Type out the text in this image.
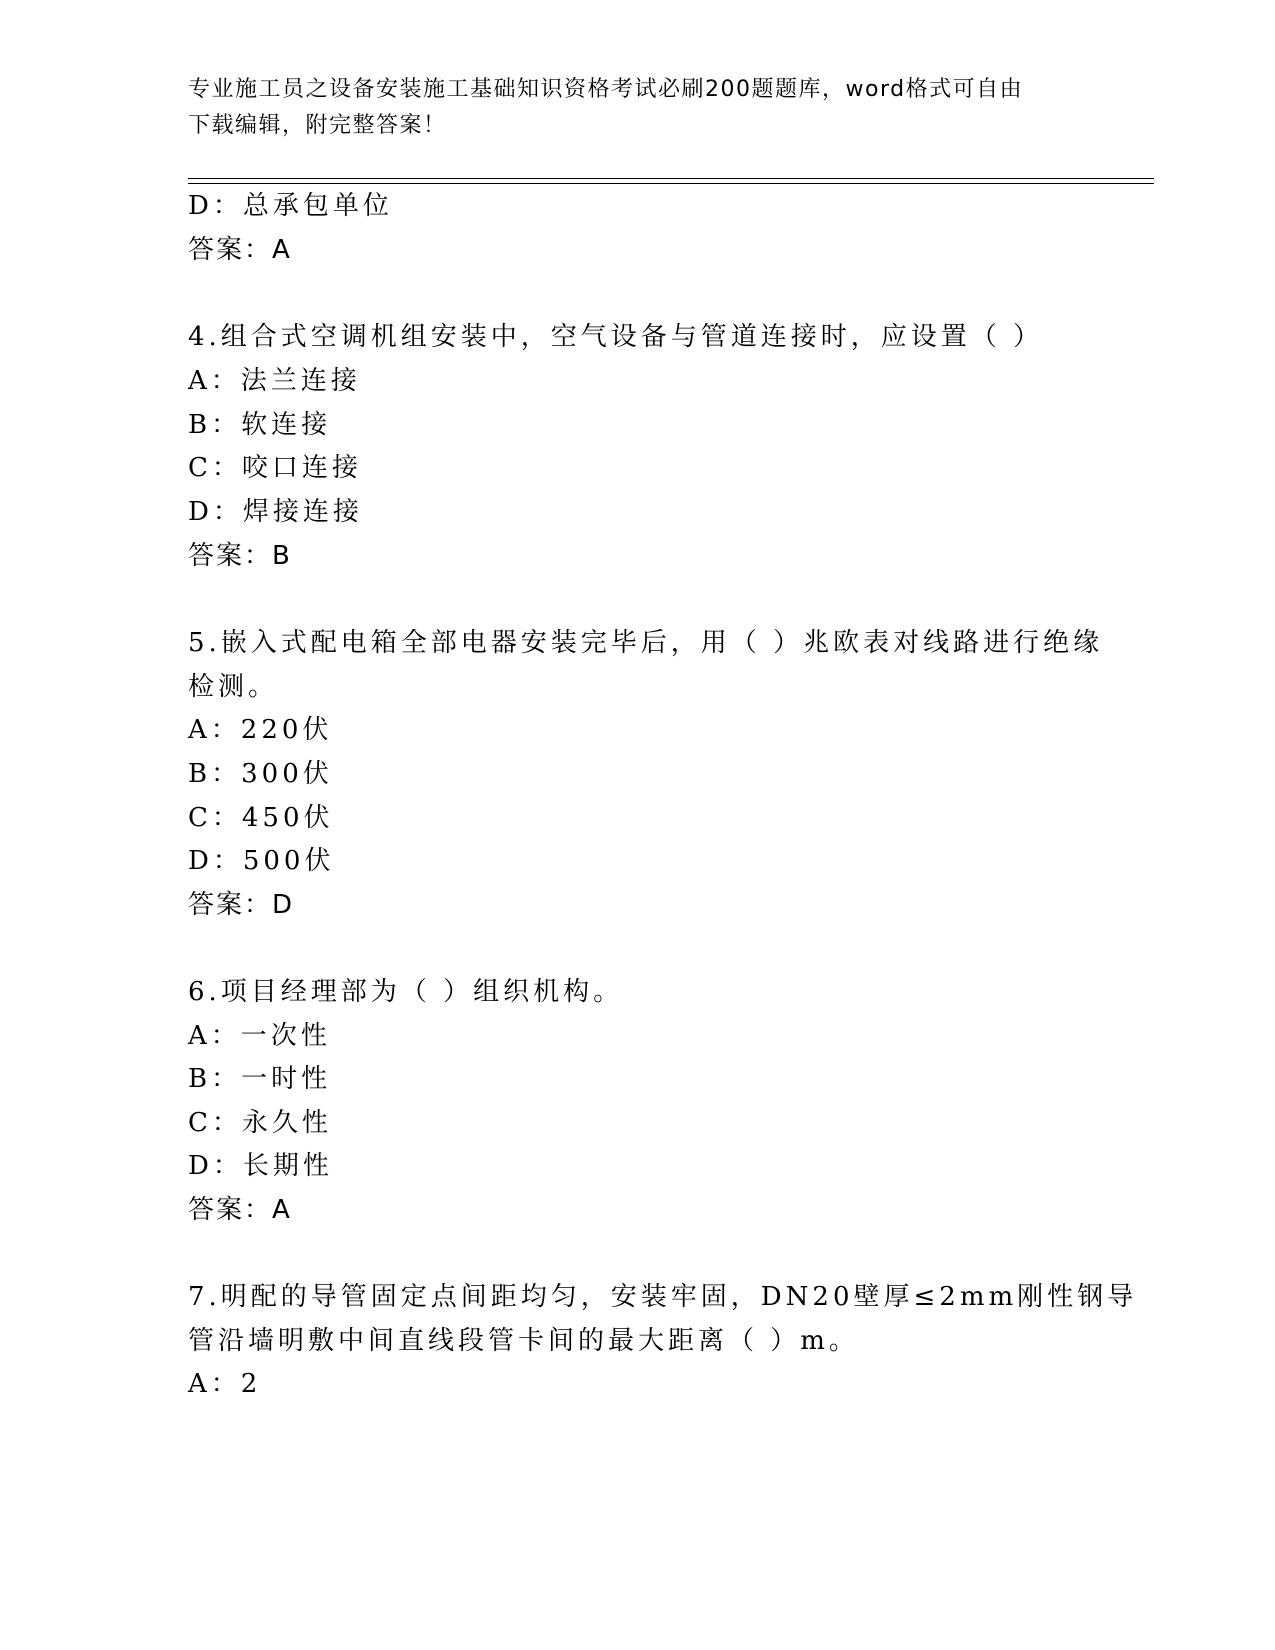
专业施工员之设备安装施工基础知识资格考试必刷200题题库，word格式可自由
下载编辑，附完整答案！
D：总承包单位
答案：A
4.组合式空调机组安装中，空气设备与管道连接时，应设置（ ）
A：法兰连接
B：软连接
C：咬口连接
D：焊接连接
答案：B
5.嵌入式配电箱全部电器安装完毕后，用（ ）兆欧表对线路进行绝缘
检测。
A：220伏
B：300伏
C：450伏
D：500伏
答案：D
6.项目经理部为（ ）组织机构。
A：一次性
B：一时性
C：永久性
D：长期性
答案：A
7.明配的导管固定点间距均匀，安装牢固，DN20壁厚≤2mm刚性钢导
管沿墙明敷中间直线段管卡间的最大距离（ ）m。
A：2
